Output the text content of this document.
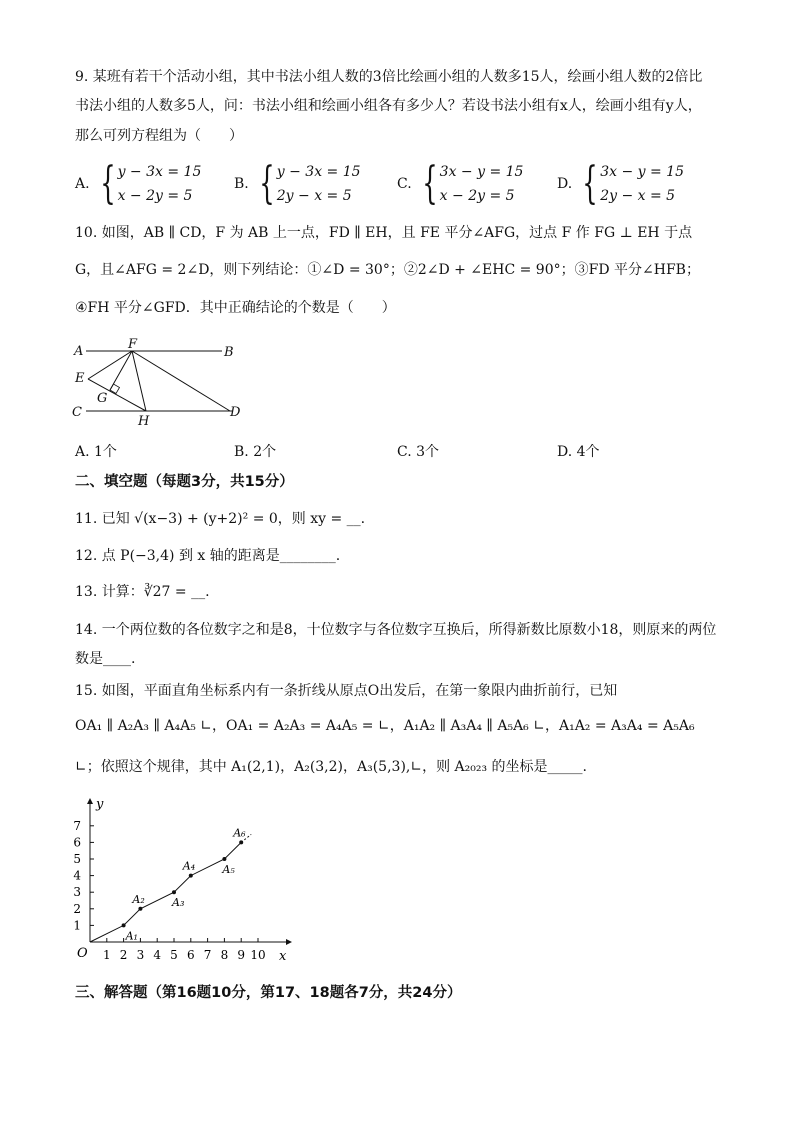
9. 某班有若干个活动小组，其中书法小组人数的3倍比绘画小组的人数多15人，绘画小组人数的2倍比
书法小组的人数多5人，问：书法小组和绘画小组各有多少人？若设书法小组有x人，绘画小组有y人，
那么可列方程组为（　　）
A. { y − 3x = 15
x − 2y = 5
B. { y − 3x = 15
2y − x = 5
C. { 3x − y = 15
x − 2y = 5
D. { 3x − y = 15
2y − x = 5
10. 如图，AB ∥ CD，F 为 AB 上一点，FD ∥ EH，且 FE 平分∠AFG，过点 F 作 FG ⊥ EH 于点
G，且∠AFG = 2∠D，则下列结论：①∠D = 30°；②2∠D + ∠EHC = 90°；③FD 平分∠HFB；
④FH 平分∠GFD．其中正确结论的个数是（　　）
A	B
C	D
E
F
G
H
A. 1个	B. 2个	C. 3个	D. 4个
二、填空题（每题3分，共15分）
11. 已知 √(x−3) + (y+2)² = 0，则 xy = __.
12. 点 P(−3,4) 到 x 轴的距离是________.
13. 计算：∛27 = __.
14. 一个两位数的各位数字之和是8，十位数字与各位数字互换后，所得新数比原数小18，则原来的两位
数是____.
15. 如图，平面直角坐标系内有一条折线从原点O出发后，在第一象限内曲折前行，已知
OA₁ ∥ A₂A₃ ∥ A₄A₅ ∟，OA₁ = A₂A₃ = A₄A₅ = ∟，A₁A₂ ∥ A₃A₄ ∥ A₅A₆ ∟，A₁A₂ = A₃A₄ = A₅A₆
∟；依照这个规律，其中 A₁(2,1)，A₂(3,2)，A₃(5,3),∟，则 A₂₀₂₃ 的坐标是_____.
x
y
O 1 2 3 4 5 6 7 8 9 10
1
2
3
4
5
6
7
A₁
A₂ A₃
A₄ A₅
A₆
三、解答题（第16题10分，第17、18题各7分，共24分）
